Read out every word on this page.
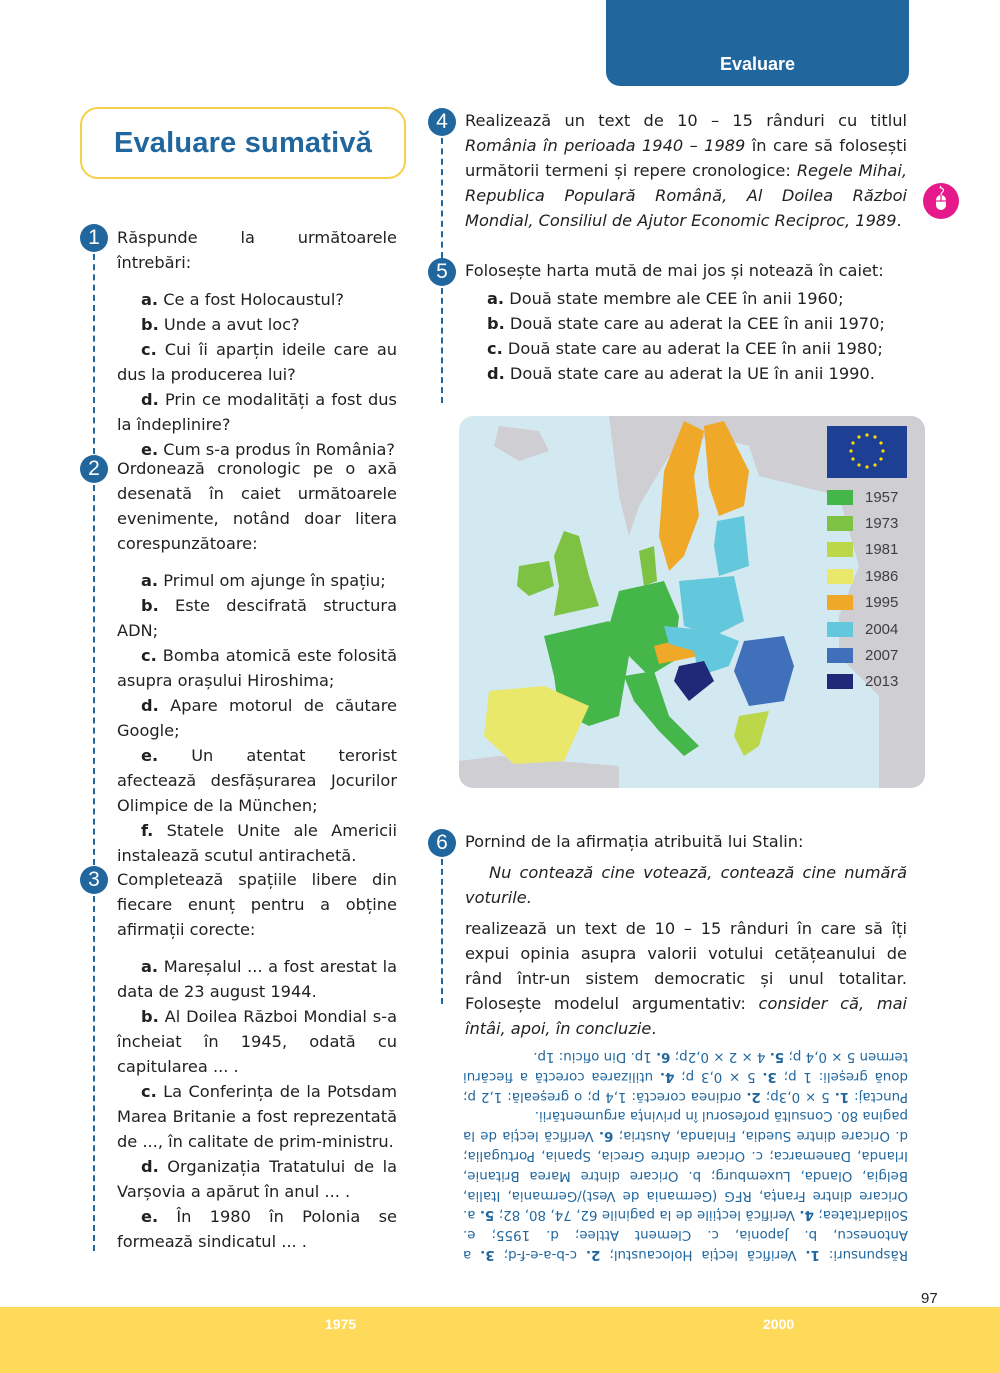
Evaluare
Evaluare sumativă
1	Răspunde la următoarele întrebări:
a. Ce a fost Holocaustul?
b. Unde a avut loc?
c. Cui îi aparțin ideile care au dus la producerea lui?
d. Prin ce modalități a fost dus la îndeplinire?
e. Cum s-a produs în România?
2	Ordonează cronologic pe o axă desenată în caiet următoarele evenimente, notând doar litera corespunzătoare:
a. Primul om ajunge în spațiu;
b. Este descifrată structura ADN;
c. Bomba atomică este folosită asupra orașului Hiroshima;
d. Apare motorul de căutare Google;
e. Un atentat terorist afectează desfășurarea Jocurilor Olimpice de la München;
f. Statele Unite ale Americii instalează scutul antirachetă.
3	Completează spațiile libere din fiecare enunț pentru a obține afirmații corecte:
a. Mareșalul ... a fost arestat la data de 23 august 1944.
b. Al Doilea Război Mondial s-a încheiat în 1945, odată cu capitularea ... .
c. La Conferința de la Potsdam Marea Britanie a fost reprezentată de ..., în calitate de prim-ministru.
d. Organizația Tratatului de la Varșovia a apărut în anul ... .
e. În 1980 în Polonia se formează sindicatul ... .
4	Realizează un text de 10 – 15 rânduri cu titlul România în perioada 1940 – 1989 în care să folosești următorii termeni și repere cronologice: Regele Mihai, Republica Populară Română, Al Doilea Război Mondial, Consiliul de Ajutor Economic Reciproc, 1989.
5	Folosește harta mută de mai jos și notează în caiet:
a. Două state membre ale CEE în anii 1960;
b. Două state care au aderat la CEE în anii 1970;
c. Două state care au aderat la CEE în anii 1980;
d. Două state care au aderat la UE în anii 1990.
1957
1973
1981
1986
1995
2004
2007
2013
6	Pornind de la afirmația atribuită lui Stalin:
Nu contează cine votează, contează cine numără voturile.
realizează un text de 10 – 15 rânduri în care să îți expui opinia asupra valorii votului cetățeanului de rând într-un sistem democratic și unul totalitar. Folosește modelul argumentativ: consider că, mai întâi, apoi, în concluzie.
Răspunsuri: 1. Verifică lecția Holocaustul; 2. c-b-a-e-f-d; 3. a Antonescu, b. Japonia, c. Clement Attlee; d. 1955; e. Solidaritatea; 4. Verifică lecțiile de la paginile 62, 74, 80, 82; 5. a. Oricare dintre Franța, RFG (Germania de Vest)/Germania, Italia, Belgia, Olanda, Luxemburg; b. Oricare dintre Marea Britanie, Irlanda, Danemarca; c. Oricare dintre Grecia, Spania, Portugalia; d. Oricare dintre Suedia, Finlanda, Austria; 6. Verifică lecția de la pagina 80. Consultă profesorul în privința argumentării.
Punctaj: 1. 5 × 0,3p; 2. ordinea corectă: 1,4 p; o greșeală: 1,2 p; două greșeli: 1 p; 3. 5 × 0,3 p; 4. utilizarea corectă a fiecărui termen 5 × 0,4 p; 5. 4 × 2 × 0,2p; 6. 1p. Din oficiu: 1p.
97
1975	2000
